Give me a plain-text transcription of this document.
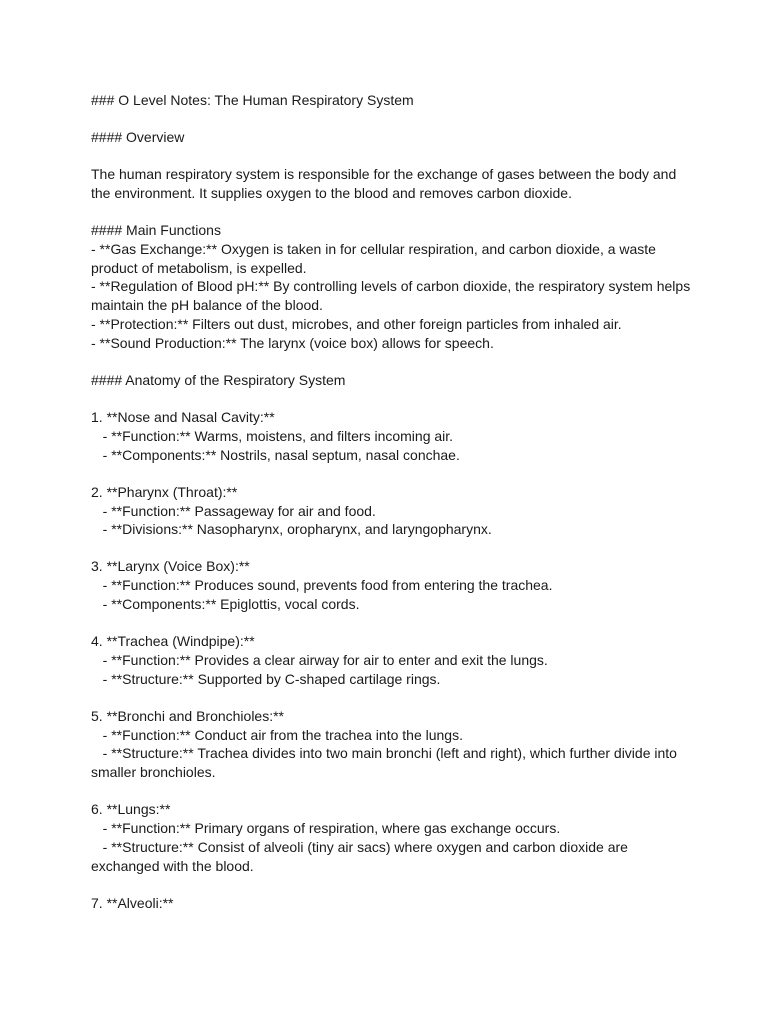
### O Level Notes: The Human Respiratory System

#### Overview

The human respiratory system is responsible for the exchange of gases between the body and the environment. It supplies oxygen to the blood and removes carbon dioxide.

#### Main Functions

- **Gas Exchange:** Oxygen is taken in for cellular respiration, and carbon dioxide, a waste product of metabolism, is expelled.

- **Regulation of Blood pH:** By controlling levels of carbon dioxide, the respiratory system helps maintain the pH balance of the blood.

- **Protection:** Filters out dust, microbes, and other foreign particles from inhaled air.

- **Sound Production:** The larynx (voice box) allows for speech.

#### Anatomy of the Respiratory System

1. **Nose and Nasal Cavity:**

- **Function:** Warms, moistens, and filters incoming air.

- **Components:** Nostrils, nasal septum, nasal conchae.

2. **Pharynx (Throat):**

- **Function:** Passageway for air and food.

- **Divisions:** Nasopharynx, oropharynx, and laryngopharynx.

3. **Larynx (Voice Box):**

- **Function:** Produces sound, prevents food from entering the trachea.

- **Components:** Epiglottis, vocal cords.

4. **Trachea (Windpipe):**

- **Function:** Provides a clear airway for air to enter and exit the lungs.

- **Structure:** Supported by C-shaped cartilage rings.

5. **Bronchi and Bronchioles:**

- **Function:** Conduct air from the trachea into the lungs.

- **Structure:** Trachea divides into two main bronchi (left and right), which further divide into smaller bronchioles.

6. **Lungs:**

- **Function:** Primary organs of respiration, where gas exchange occurs.

- **Structure:** Consist of alveoli (tiny air sacs) where oxygen and carbon dioxide are exchanged with the blood.

7. **Alveoli:**
